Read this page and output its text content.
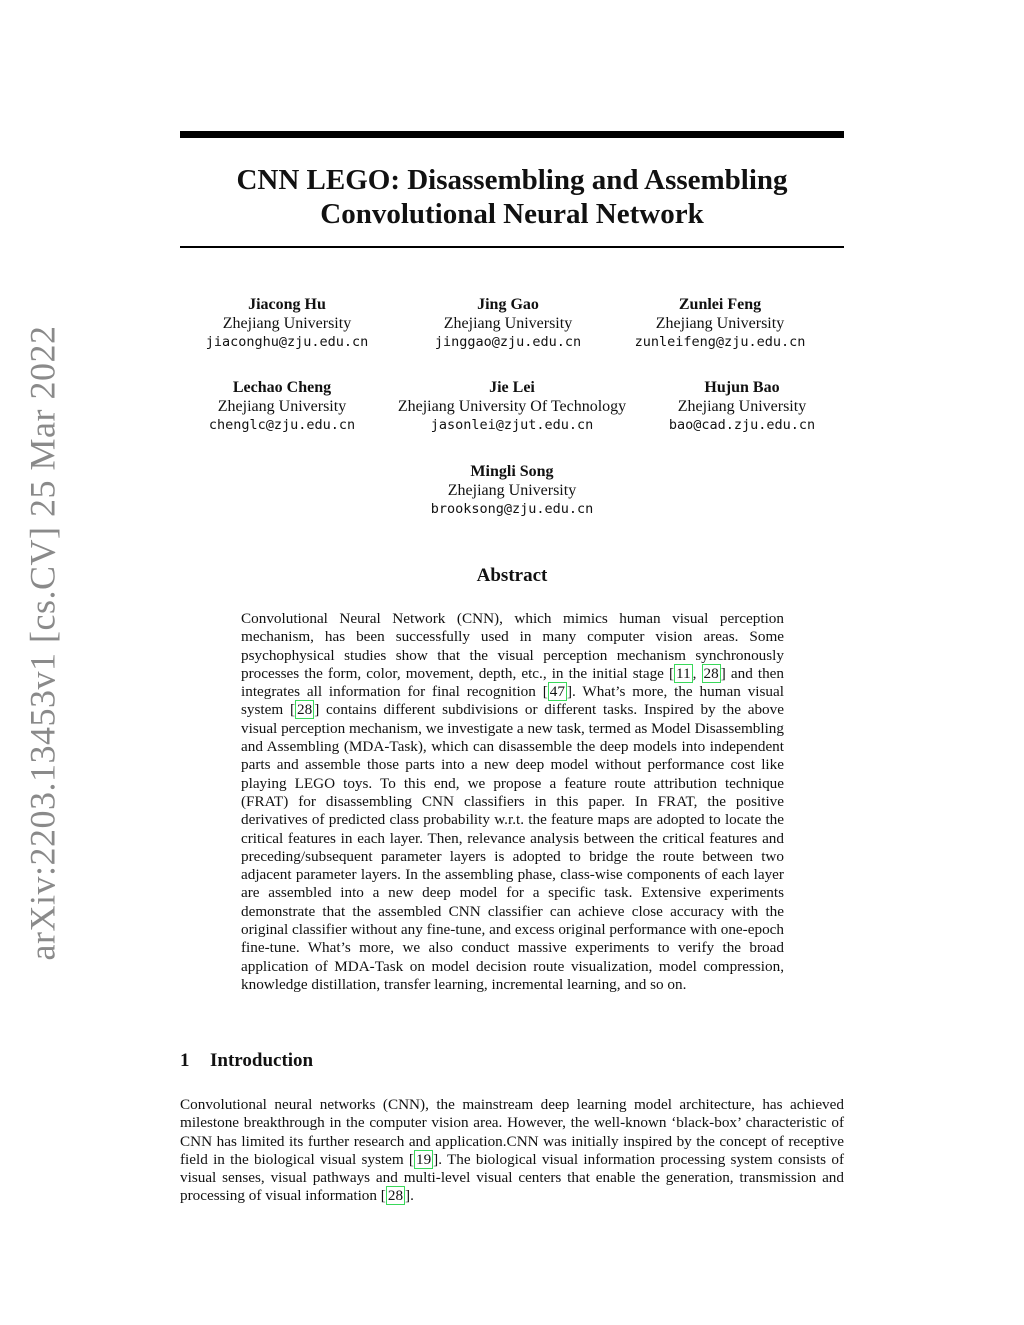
arXiv:2203.13453v1 [cs.CV] 25 Mar 2022
CNN LEGO: Disassembling and Assembling
Convolutional Neural Network
Jiacong Hu
Zhejiang University
jiaconghu@zju.edu.cn
Jing Gao
Zhejiang University
jinggao@zju.edu.cn
Zunlei Feng
Zhejiang University
zunleifeng@zju.edu.cn
Lechao Cheng
Zhejiang University
chenglc@zju.edu.cn
Jie Lei
Zhejiang University Of Technology
jasonlei@zjut.edu.cn
Hujun Bao
Zhejiang University
bao@cad.zju.edu.cn
Mingli Song
Zhejiang University
brooksong@zju.edu.cn
Abstract
Convolutional Neural Network (CNN), which mimics human visual perception mechanism, has been successfully used in many computer vision areas. Some psychophysical studies show that the visual perception mechanism synchronously processes the form, color, movement, depth, etc., in the initial stage [ 11 , 28 ] and then integrates all information for final recognition [ 47 ]. What’s more, the human visual system [ 28 ] contains different subdivisions or different tasks. Inspired by the above visual perception mechanism, we investigate a new task, termed as Model Disassembling and Assembling (MDA-Task), which can disassemble the deep models into independent parts and assemble those parts into a new deep model without performance cost like playing LEGO toys. To this end, we propose a feature route attribution technique (FRAT) for disassembling CNN classifiers in this paper. In FRAT, the positive derivatives of predicted class probability w.r.t. the feature maps are adopted to locate the critical features in each layer. Then, relevance analysis between the critical features and preceding/subsequent parameter layers is adopted to bridge the route between two adjacent parameter layers. In the assembling phase, class-wise components of each layer are assembled into a new deep model for a specific task. Extensive experiments demonstrate that the assembled CNN classifier can achieve close accuracy with the original classifier without any fine-tune, and excess original performance with one-epoch fine-tune. What’s more, we also conduct massive experiments to verify the broad application of MDA-Task on model decision route visualization, model compression, knowledge distillation, transfer learning, incremental learning, and so on.
1 Introduction
Convolutional neural networks (CNN), the mainstream deep learning model architecture, has achieved milestone breakthrough in the computer vision area. However, the well-known ‘black-box’ characteristic of CNN has limited its further research and application.CNN was initially inspired by the concept of receptive field in the biological visual system [ 19 ]. The biological visual information processing system consists of visual senses, visual pathways and multi-level visual centers that enable the generation, transmission and processing of visual information [ 28 ].
